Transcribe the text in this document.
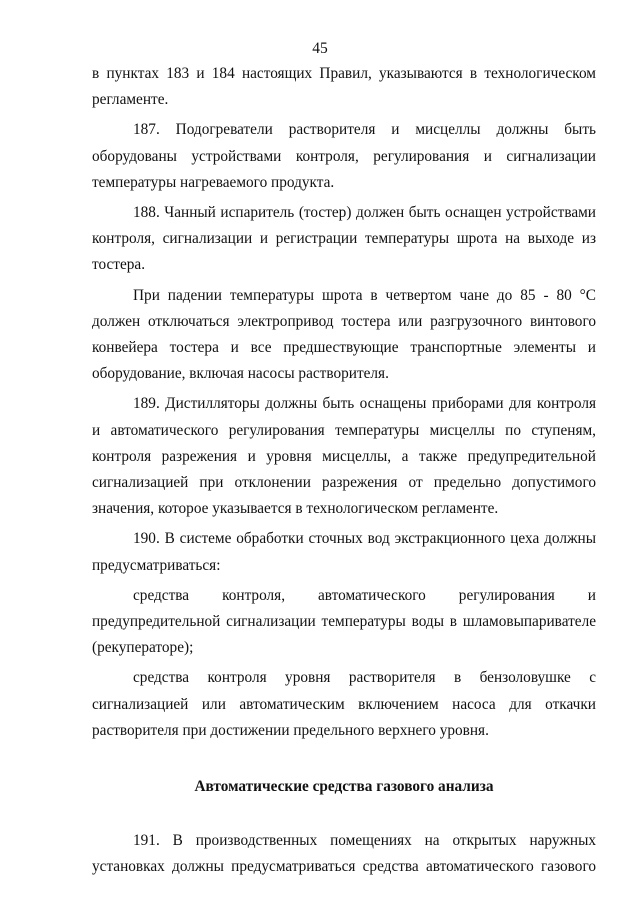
45

в пунктах 183 и 184 настоящих Правил, указываются в технологическом регламенте.

187. Подогреватели растворителя и мисцеллы должны быть оборудованы устройствами контроля, регулирования и сигнализации температуры нагреваемого продукта.

188. Чанный испаритель (тостер) должен быть оснащен устройствами контроля, сигнализации и регистрации температуры шрота на выходе из тостера.

При падении температуры шрота в четвертом чане до 85 - 80 °С должен отключаться электропривод тостера или разгрузочного винтового конвейера тостера и все предшествующие транспортные элементы и оборудование, включая насосы растворителя.

189. Дистилляторы должны быть оснащены приборами для контроля и автоматического регулирования температуры мисцеллы по ступеням, контроля разрежения и уровня мисцеллы, а также предупредительной сигнализацией при отклонении разрежения от предельно допустимого значения, которое указывается в технологическом регламенте.

190. В системе обработки сточных вод экстракционного цеха должны предусматриваться:

средства контроля, автоматического регулирования и предупредительной сигнализации температуры воды в шламовыпаривателе (рекуператоре);

средства контроля уровня растворителя в бензоловушке с сигнализацией или автоматическим включением насоса для откачки растворителя при достижении предельного верхнего уровня.

Автоматические средства газового анализа

191. В производственных помещениях на открытых наружных установках должны предусматриваться средства автоматического газового
